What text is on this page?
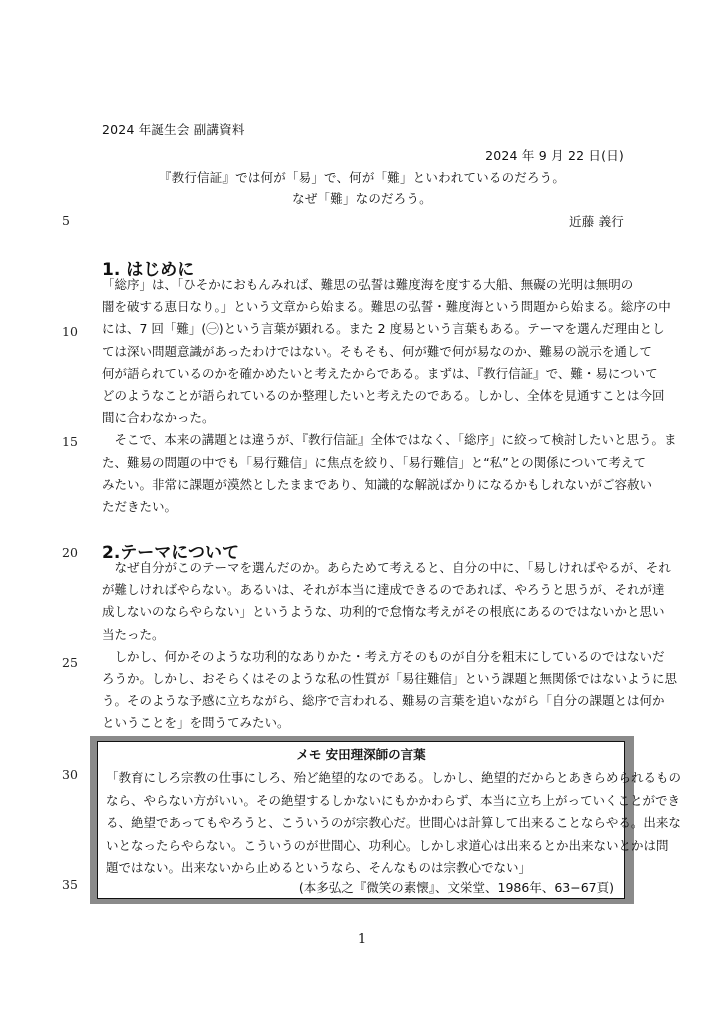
2024 年誕生会 副講資料
2024 年 9 月 22 日(日)
『教行信証』では何が「易」で、何が「難」といわれているのだろう。
なぜ「難」なのだろう。
近藤 義行
5
10
15
20
25
30
35
1. はじめに
「総序」は、「ひそかにおもんみれば、難思の弘誓は難度海を度する大船、無礙の光明は無明の
闇を破する恵日なり。」という文章から始まる。難思の弘誓・難度海という問題から始まる。総序の中
には、7 回「難」(㊀)という言葉が顕れる。また 2 度易という言葉もある。テーマを選んだ理由とし
ては深い問題意識があったわけではない。そもそも、何が難で何が易なのか、難易の説示を通して
何が語られているのかを確かめたいと考えたからである。まずは、『教行信証』で、難・易について
どのようなことが語られているのか整理したいと考えたのである。しかし、全体を見通すことは今回
間に合わなかった。
　そこで、本来の講題とは違うが、『教行信証』全体ではなく、「総序」に絞って検討したいと思う。ま
た、難易の問題の中でも「易行難信」に焦点を絞り、「易行難信」と“私”との関係について考えて
みたい。非常に課題が漠然としたままであり、知識的な解説ばかりになるかもしれないがご容赦い
ただきたい。
2.テーマについて
　なぜ自分がこのテーマを選んだのか。あらためて考えると、自分の中に、「易しければやるが、それ
が難しければやらない。あるいは、それが本当に達成できるのであれば、やろうと思うが、それが達
成しないのならやらない」というような、功利的で怠惰な考えがその根底にあるのではないかと思い
当たった。
　しかし、何かそのような功利的なありかた・考え方そのものが自分を粗末にしているのではないだ
ろうか。しかし、おそらくはそのような私の性質が「易往難信」という課題と無関係ではないように思
う。そのような予感に立ちながら、総序で言われる、難易の言葉を追いながら「自分の課題とは何か
ということを」を問うてみたい。
メモ 安田理深師の言葉
「教育にしろ宗教の仕事にしろ、殆ど絶望的なのである。しかし、絶望的だからとあきらめられるもの
なら、やらない方がいい。その絶望するしかないにもかかわらず、本当に立ち上がっていくことができ
る、絶望であってもやろうと、こういうのが宗教心だ。世間心は計算して出来ることならやる。出来な
いとなったらやらない。こういうのが世間心、功利心。しかし求道心は出来るとか出来ないとかは問
題ではない。出来ないから止めるというなら、そんなものは宗教心でない」
(本多弘之『微笑の素懐』、文栄堂、1986年、63−67頁)
1
